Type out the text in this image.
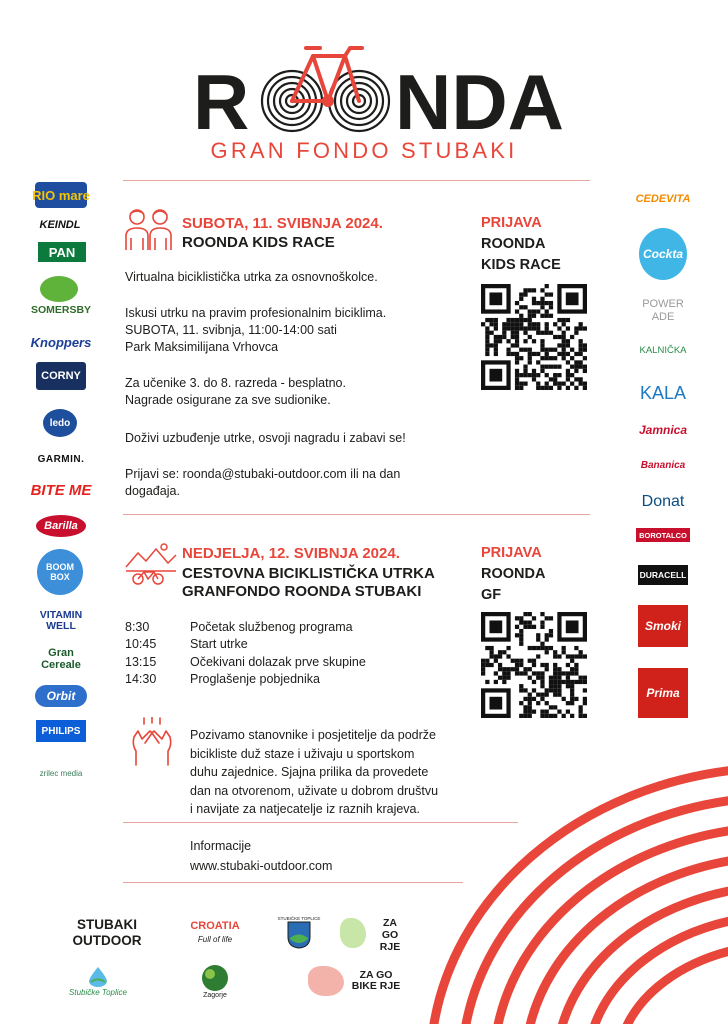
R NDA
GRAN FONDO STUBAKI
SUBOTA, 11. SVIBNJA 2024.
ROONDA KIDS RACE
Virtualna biciklistička utrka za osnovnoškolce.
Iskusi utrku na pravim profesionalnim biciklima.
SUBOTA, 11. svibnja, 11:00-14:00 sati
Park Maksimilijana Vrhovca
Za učenike 3. do 8. razreda - besplatno.
Nagrade osigurane za sve sudionike.
Doživi uzbuđenje utrke, osvoji nagradu i zabavi se!
Prijavi se: roonda@stubaki-outdoor.com ili na dan
događaja.
PRIJAVA
ROONDA
KIDS RACE
NEDJELJA, 12. SVIBNJA 2024.
CESTOVNA BICIKLISTIČKA UTRKA
GRANFONDO ROONDA STUBAKI
8:30	Početak službenog programa
10:45	Start utrke
13:15	Očekivani dolazak prve skupine
14:30	Proglašenje pobjednika
Pozivamo stanovnike i posjetitelje da podrže
bicikliste duž staze i uživaju u sportskom
duhu zajednice. Sjajna prilika da provedete
dan na otvorenom, uživate u dobrom društvu
i navijate za natjecatelje iz raznih krajeva.
PRIJAVA
ROONDA
GF
Informacije
www.stubaki-outdoor.com
RIO mare
KEINDL
PAN
SOMERSBY
Knoppers
CORNY
ledo
GARMIN.
BITE ME
Barilla
BOOM BOX
VITAMIN WELL
Gran Cereale
Orbit
PHILIPS
zrilec media
CEDEVITA
Cockta
POWER ADE
KALNIČKA
KALA
Jamnica
Bananica
Donat
BOROTALCO
DURACELL
Smoki
Prima
STUBAKI
OUTDOOR
CROATIA
Full of life
STUBIČKE TOPLICE	ZA GO RJE
Stubičke Toplice	Zagorje
ZA GO BIKE RJE
